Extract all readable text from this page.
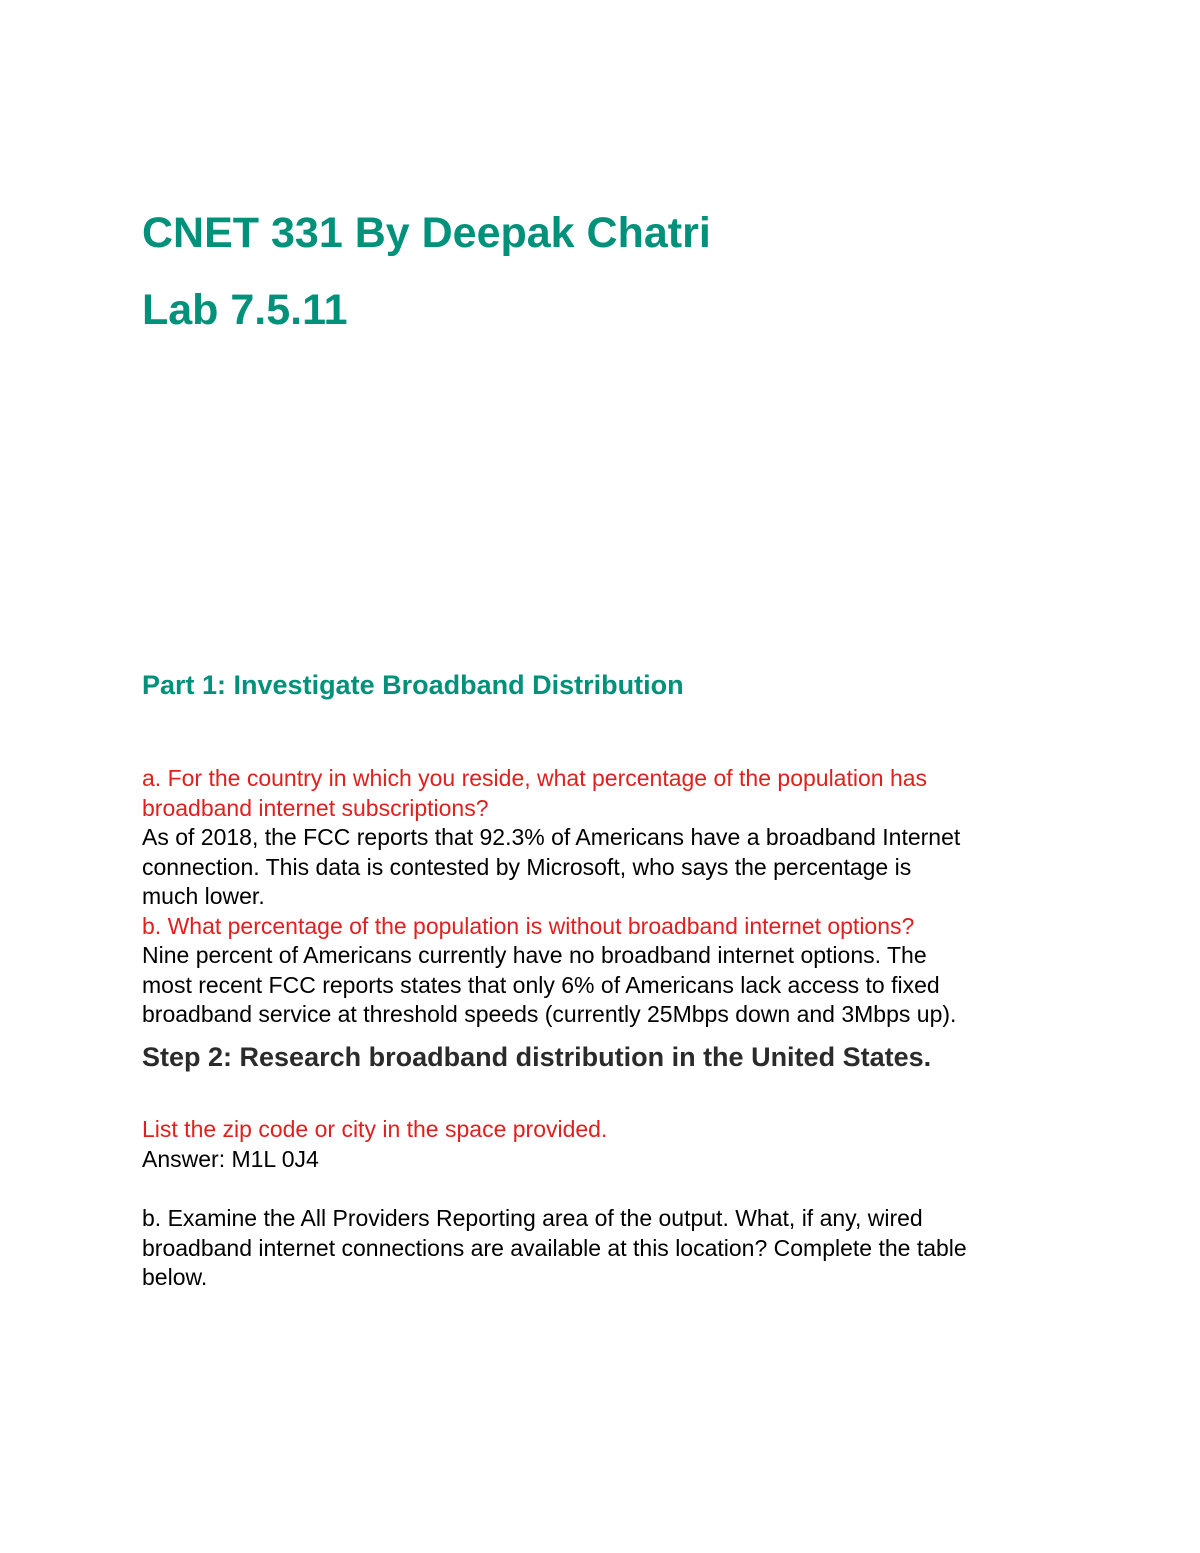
CNET 331 By Deepak Chatri
Lab 7.5.11
Part 1: Investigate Broadband Distribution
a. For the country in which you reside, what percentage of the population has
broadband internet subscriptions?
As of 2018, the FCC reports that 92.3% of Americans have a broadband Internet
connection. This data is contested by Microsoft, who says the percentage is
much lower.
b. What percentage of the population is without broadband internet options?
Nine percent of Americans currently have no broadband internet options. The
most recent FCC reports states that only 6% of Americans lack access to fixed
broadband service at threshold speeds (currently 25Mbps down and 3Mbps up).
Step 2: Research broadband distribution in the United States.
List the zip code or city in the space provided.
Answer: M1L 0J4
b. Examine the All Providers Reporting area of the output. What, if any, wired
broadband internet connections are available at this location? Complete the table
below.
